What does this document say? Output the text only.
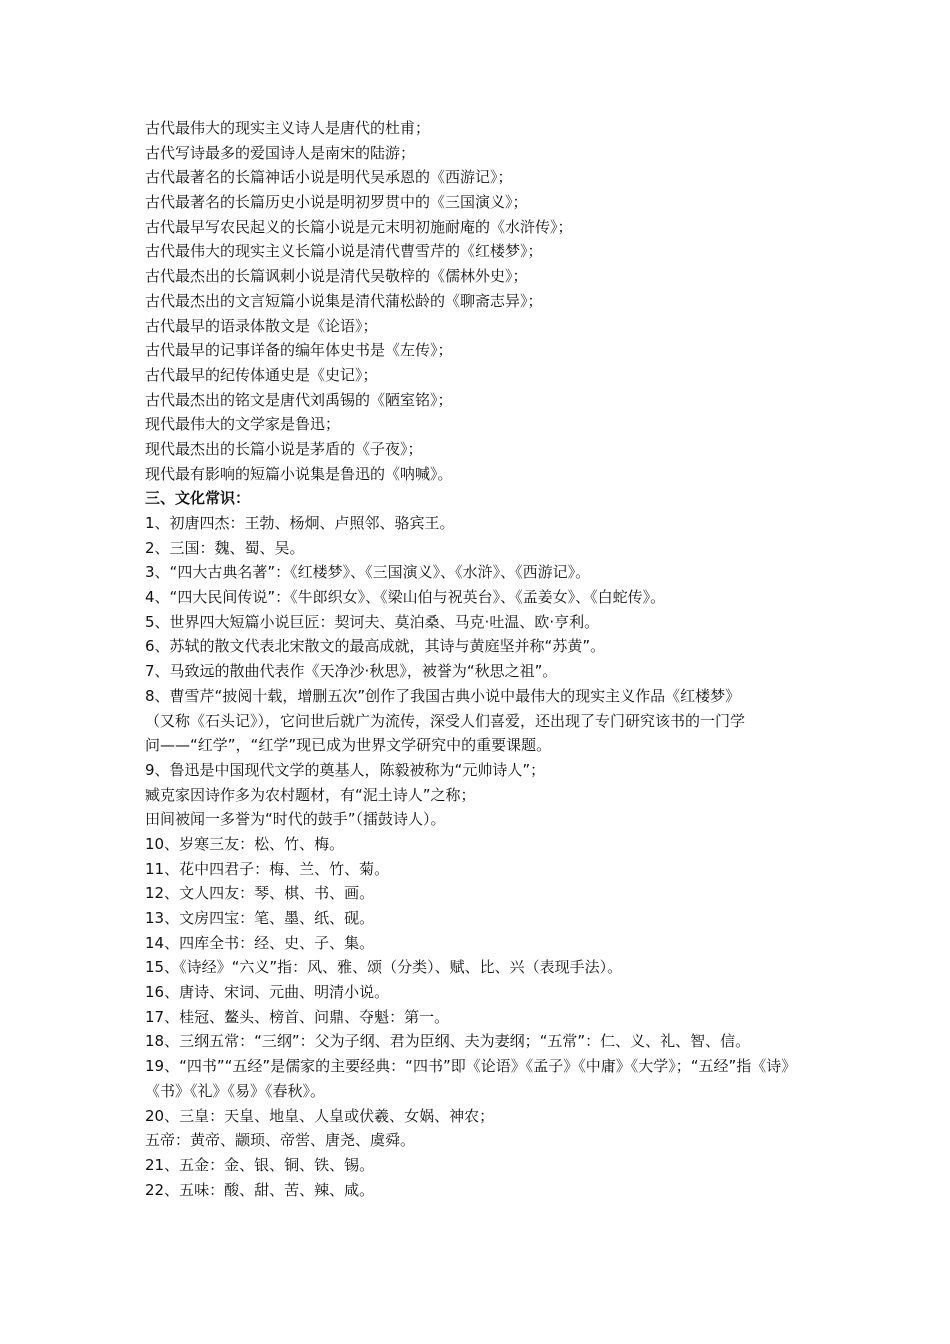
古代最伟大的现实主义诗人是唐代的杜甫；
古代写诗最多的爱国诗人是南宋的陆游；
古代最著名的长篇神话小说是明代吴承恩的《西游记》；
古代最著名的长篇历史小说是明初罗贯中的《三国演义》；
古代最早写农民起义的长篇小说是元末明初施耐庵的《水浒传》；
古代最伟大的现实主义长篇小说是清代曹雪芹的《红楼梦》；
古代最杰出的长篇讽刺小说是清代吴敬梓的《儒林外史》；
古代最杰出的文言短篇小说集是清代蒲松龄的《聊斋志异》；
古代最早的语录体散文是《论语》；
古代最早的记事详备的编年体史书是《左传》；
古代最早的纪传体通史是《史记》；
古代最杰出的铭文是唐代刘禹锡的《陋室铭》；
现代最伟大的文学家是鲁迅；
现代最杰出的长篇小说是茅盾的《子夜》；
现代最有影响的短篇小说集是鲁迅的《呐喊》。
三、文化常识：
1、初唐四杰：王勃、杨炯、卢照邻、骆宾王。
2、三国：魏、蜀、吴。
3、“四大古典名著”：《红楼梦》、《三国演义》、《水浒》、《西游记》。
4、“四大民间传说”：《牛郎织女》、《梁山伯与祝英台》、《孟姜女》、《白蛇传》。
5、世界四大短篇小说巨匠：契诃夫、莫泊桑、马克·吐温、欧·亨利。
6、苏轼的散文代表北宋散文的最高成就，其诗与黄庭坚并称“苏黄”。
7、马致远的散曲代表作《天净沙·秋思》，被誉为“秋思之祖”。
8、曹雪芹“披阅十载，增删五次”创作了我国古典小说中最伟大的现实主义作品《红楼梦》
（又称《石头记》），它问世后就广为流传，深受人们喜爱，还出现了专门研究该书的一门学
问——“红学”，“红学”现已成为世界文学研究中的重要课题。
9、鲁迅是中国现代文学的奠基人，陈毅被称为“元帅诗人”；
臧克家因诗作多为农村题材，有“泥土诗人”之称；
田间被闻一多誉为“时代的鼓手”（擂鼓诗人）。
10、岁寒三友：松、竹、梅。
11、花中四君子：梅、兰、竹、菊。
12、文人四友：琴、棋、书、画。
13、文房四宝：笔、墨、纸、砚。
14、四库全书：经、史、子、集。
15、《诗经》“六义”指：风、雅、颂（分类）、赋、比、兴（表现手法）。
16、唐诗、宋词、元曲、明清小说。
17、桂冠、鳌头、榜首、问鼎、夺魁：第一。
18、三纲五常：“三纲”：父为子纲、君为臣纲、夫为妻纲；“五常”：仁、义、礼、智、信。
19、“四书”“五经”是儒家的主要经典：“四书”即《论语》《孟子》《中庸》《大学》；“五经”指《诗》
《书》《礼》《易》《春秋》。
20、三皇：天皇、地皇、人皇或伏羲、女娲、神农；
五帝：黄帝、颛顼、帝喾、唐尧、虞舜。
21、五金：金、银、铜、铁、锡。
22、五味：酸、甜、苦、辣、咸。
